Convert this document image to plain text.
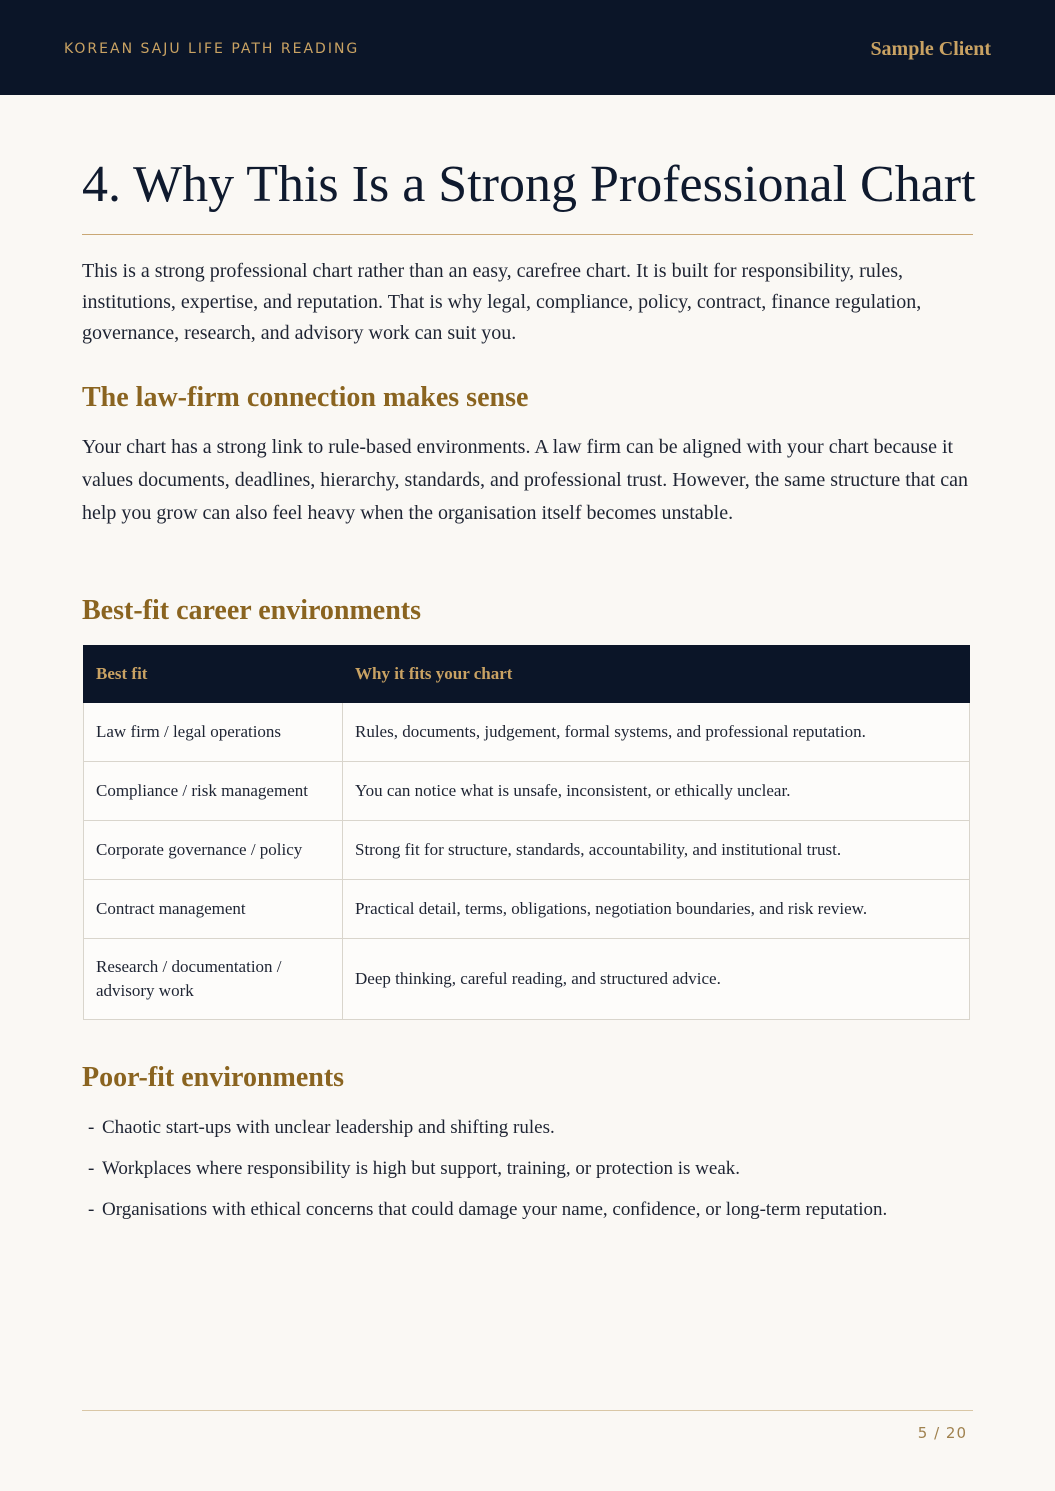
KOREAN SAJU LIFE PATH READING	Sample Client
4. Why This Is a Strong Professional Chart

This is a strong professional chart rather than an easy, carefree chart. It is built for responsibility, rules, institutions, expertise, and reputation. That is why legal, compliance, policy, contract, finance regulation, governance, research, and advisory work can suit you.

The law-firm connection makes sense

Your chart has a strong link to rule-based environments. A law firm can be aligned with your chart because it values documents, deadlines, hierarchy, standards, and professional trust. However, the same structure that can help you grow can also feel heavy when the organisation itself becomes unstable.

Best-fit career environments
Best fit	Why it fits your chart
Law firm / legal operations	Rules, documents, judgement, formal systems, and professional reputation.
Compliance / risk management	You can notice what is unsafe, inconsistent, or ethically unclear.
Corporate governance / policy	Strong fit for structure, standards, accountability, and institutional trust.
Contract management	Practical detail, terms, obligations, negotiation boundaries, and risk review.
Research / documentation / advisory work	Deep thinking, careful reading, and structured advice.
Poor-fit environments
- Chaotic start-ups with unclear leadership and shifting rules.
- Workplaces where responsibility is high but support, training, or protection is weak.
- Organisations with ethical concerns that could damage your name, confidence, or long-term reputation.
5 / 20
